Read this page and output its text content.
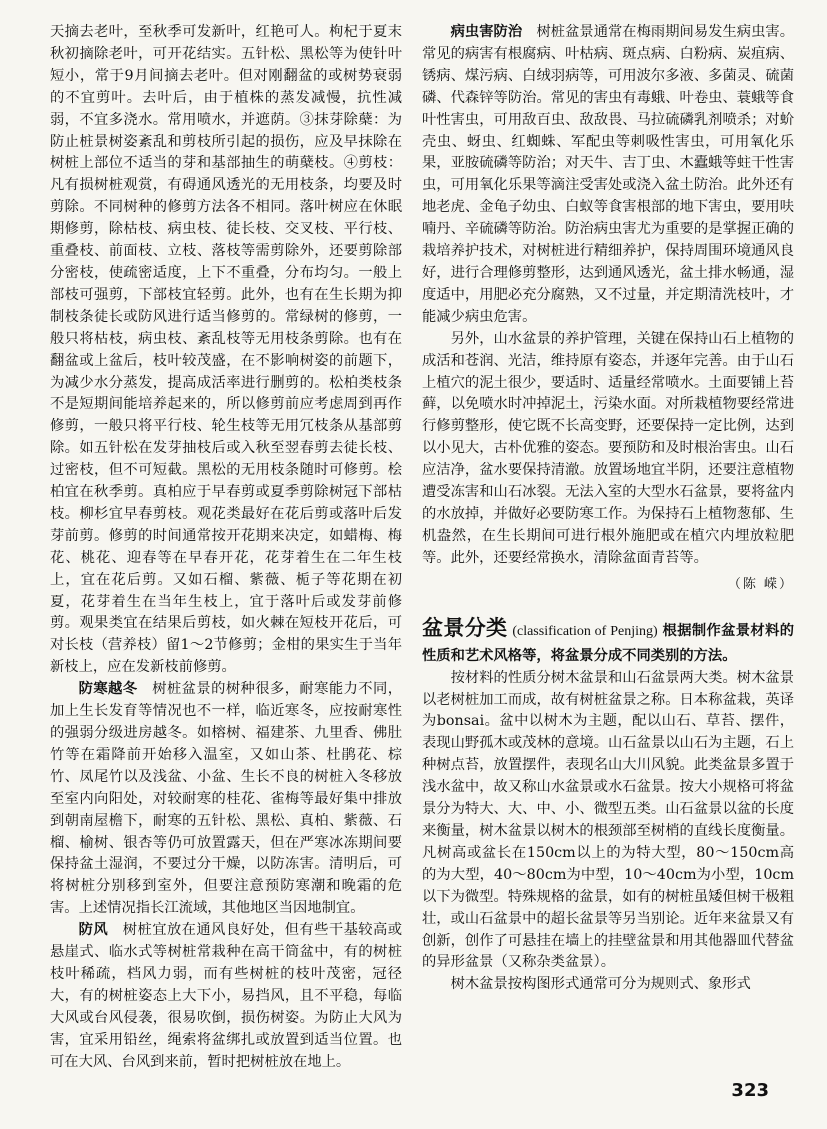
天摘去老叶，至秋季可发新叶，红艳可人。枸杞于夏末秋初摘除老叶，可开花结实。五针松、黑松等为使针叶短小，常于9月间摘去老叶。但对刚翻盆的或树势衰弱的不宜剪叶。去叶后，由于植株的蒸发减慢，抗性减弱，不宜多浇水。常用喷水，并遮荫。③抹芽除蘖：为防止桩景树姿紊乱和剪枝所引起的损伤，应及早抹除在树桩上部位不适当的芽和基部抽生的萌蘖枝。④剪枝：凡有损树桩观赏，有碍通风透光的无用枝条，均要及时剪除。不同树种的修剪方法各不相同。落叶树应在休眠期修剪，除枯枝、病虫枝、徒长枝、交叉枝、平行枝、重叠枝、前面枝、立枝、落枝等需剪除外，还要剪除部分密枝，使疏密适度，上下不重叠，分布均匀。一般上部枝可强剪，下部枝宜轻剪。此外，也有在生长期为抑制枝条徒长或防风进行适当修剪的。常绿树的修剪，一般只将枯枝，病虫枝、紊乱枝等无用枝条剪除。也有在翻盆或上盆后，枝叶较茂盛，在不影响树姿的前题下，为减少水分蒸发，提高成活率进行删剪的。松柏类枝条不是短期间能培养起来的，所以修剪前应考虑周到再作修剪，一般只将平行枝、轮生枝等无用冗枝条从基部剪除。如五针松在发芽抽枝后或入秋至翌春剪去徒长枝、过密枝，但不可短截。黑松的无用枝条随时可修剪。桧柏宜在秋季剪。真柏应于早春剪或夏季剪除树冠下部枯枝。柳杉宜早春剪枝。观花类最好在花后剪或落叶后发芽前剪。修剪的时间通常按开花期来决定，如蜡梅、梅花、桃花、迎春等在早春开花，花芽着生在二年生枝上，宜在花后剪。又如石榴、紫薇、栀子等花期在初夏，花芽着生在当年生枝上，宜于落叶后或发芽前修剪。观果类宜在结果后剪枝，如火棘在短枝开花后，可对长枝（营养枝）留1～2节修剪；金柑的果实生于当年新枝上，应在发新枝前修剪。

防寒越冬　 树桩盆景的树种很多，耐寒能力不同，加上生长发育等情况也不一样，临近寒冬，应按耐寒性的强弱分级进房越冬。如榕树、福建茶、九里香、佛肚竹等在霜降前开始移入温室，又如山茶、杜鹃花、棕竹、凤尾竹以及浅盆、小盆、生长不良的树桩入冬移放至室内向阳处，对较耐寒的桂花、雀梅等最好集中排放到朝南屋檐下，耐寒的五针松、黑松、真柏、紫薇、石榴、榆树、银杏等仍可放置露天，但在严寒冰冻期间要保持盆土湿润，不要过分干燥，以防冻害。清明后，可将树桩分别移到室外，但要注意预防寒潮和晚霜的危害。上述情况指长江流域，其他地区当因地制宜。

防风　 树桩宜放在通风良好处，但有些干基较高或悬崖式、临水式等树桩常栽种在高干筒盆中，有的树桩枝叶稀疏，档风力弱，而有些树桩的枝叶茂密，冠径大，有的树桩姿态上大下小，易挡风，且不平稳，每临大风或台风侵袭，很易吹倒，损伤树姿。为防止大风为害，宜采用铅丝，绳索将盆绑扎或放置到适当位置。也可在大风、台风到来前，暂时把树桩放在地上。

病虫害防治　 树桩盆景通常在梅雨期间易发生病虫害。常见的病害有根腐病、叶枯病、斑点病、白粉病、炭疽病、锈病、煤污病、白绒羽病等，可用波尔多液、多菌灵、硫菌磷、代森锌等防治。常见的害虫有毒蛾、叶卷虫、蓑蛾等食叶性害虫，可用敌百虫、敌敌畏、马拉硫磷乳剂喷杀；对蚧壳虫、蚜虫、红蜘蛛、军配虫等刺吸性害虫，可用氧化乐果，亚胺硫磷等防治；对天牛、吉丁虫、木蠹蛾等蛀干性害虫，可用氧化乐果等滴注受害处或浇入盆土防治。此外还有地老虎、金龟子幼虫、白蚁等食害根部的地下害虫，要用呋喃丹、辛硫磷等防治。防治病虫害尤为重要的是掌握正确的栽培养护技术，对树桩进行精细养护，保持周围环境通风良好，进行合理修剪整形，达到通风透光，盆土排水畅通，湿度适中，用肥必充分腐熟，又不过量，并定期清洗枝叶，才能减少病虫危害。

另外，山水盆景的养护管理，关键在保持山石上植物的成活和苍润、光洁，维持原有姿态，并逐年完善。由于山石上植穴的泥土很少，要适时、适量经常喷水。土面要铺上苔藓，以免喷水时冲掉泥土，污染水面。对所栽植物要经常进行修剪整形，使它既不长高变野，还要保持一定比例，达到以小见大，古朴优雅的姿态。要预防和及时根治害虫。山石应洁净，盆水要保持清澈。放置场地宜半阴，还要注意植物遭受冻害和山石冰裂。无法入室的大型水石盆景，要将盆内的水放掉，并做好必要防寒工作。为保持石上植物葱郁、生机盎然，在生长期间可进行根外施肥或在植穴内埋放粒肥等。此外，还要经常换水，清除盆面青苔等。

（陈 嵘）
盆景分类 (classification of Penjing) 根据制作盆景材料的性质和艺术风格等，将盆景分成不同类别的方法。

按材料的性质分树木盆景和山石盆景两大类。树木盆景以老树桩加工而成，故有树桩盆景之称。日本称盆栽，英译为bonsai。盆中以树木为主题，配以山石、草苔、摆件，表现山野孤木或茂林的意境。山石盆景以山石为主题，石上种树点苔，放置摆件，表现名山大川风貌。此类盆景多置于浅水盆中，故又称山水盆景或水石盆景。按大小规格可将盆景分为特大、大、中、小、微型五类。山石盆景以盆的长度来衡量，树木盆景以树木的根颈部至树梢的直线长度衡量。凡树高或盆长在150cm以上的为特大型，80～150cm高的为大型，40～80cm为中型，10～40cm为小型，10cm以下为微型。特殊规格的盆景，如有的树桩虽矮但树干极粗壮，或山石盆景中的超长盆景等另当别论。近年来盆景又有创新，创作了可悬挂在墙上的挂壁盆景和用其他器皿代替盆的异形盆景（又称杂类盆景）。

树木盆景按构图形式通常可分为规则式、象形式

323
